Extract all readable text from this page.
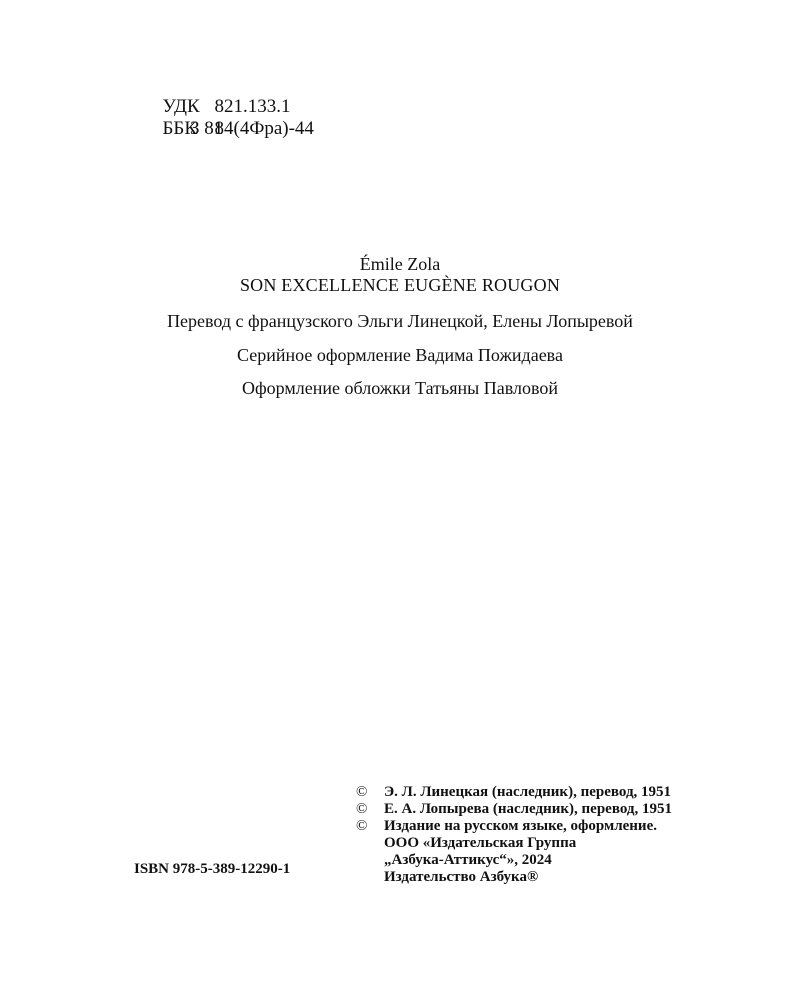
УДК 821.133.1

ББК 84(4Фра)-44

З 81
Émile Zola
SON EXCELLENCE EUGÈNE ROUGON
Перевод с французского Эльги Линецкой, Елены Лопыревой
Серийное оформление Вадима Пожидаева
Оформление обложки Татьяны Павловой
© Э. Л. Линецкая (наследник), перевод, 1951
© Е. А. Лопырева (наследник), перевод, 1951
© Издание на русском языке, оформление.
ООО «Издательская Группа
„Азбука-Аттикус“», 2024
Издательство Азбука®
ISBN 978-5-389-12290-1
